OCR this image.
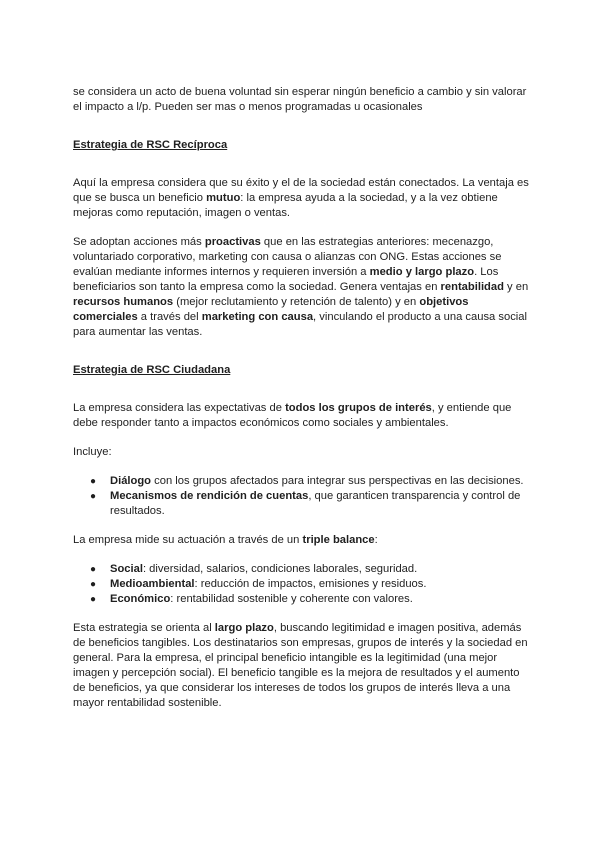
se considera un acto de buena voluntad sin esperar ningún beneficio a cambio y sin valorar el impacto a l/p. Pueden ser mas o menos programadas u ocasionales

Estrategia de RSC Recíproca

Aquí la empresa considera que su éxito y el de la sociedad están conectados. La ventaja es que se busca un beneficio mutuo: la empresa ayuda a la sociedad, y a la vez obtiene mejoras como reputación, imagen o ventas.

Se adoptan acciones más proactivas que en las estrategias anteriores: mecenazgo, voluntariado corporativo, marketing con causa o alianzas con ONG. Estas acciones se evalúan mediante informes internos y requieren inversión a medio y largo plazo. Los beneficiarios son tanto la empresa como la sociedad. Genera ventajas en rentabilidad y en recursos humanos (mejor reclutamiento y retención de talento) y en objetivos comerciales a través del marketing con causa, vinculando el producto a una causa social para aumentar las ventas.

Estrategia de RSC Ciudadana

La empresa considera las expectativas de todos los grupos de interés, y entiende que debe responder tanto a impactos económicos como sociales y ambientales.

Incluye:

● Diálogo con los grupos afectados para integrar sus perspectivas en las decisiones.
● Mecanismos de rendición de cuentas, que garanticen transparencia y control de resultados.

La empresa mide su actuación a través de un triple balance:

● Social: diversidad, salarios, condiciones laborales, seguridad.
● Medioambiental: reducción de impactos, emisiones y residuos.
● Económico: rentabilidad sostenible y coherente con valores.

Esta estrategia se orienta al largo plazo, buscando legitimidad e imagen positiva, además de beneficios tangibles. Los destinatarios son empresas, grupos de interés y la sociedad en general. Para la empresa, el principal beneficio intangible es la legitimidad (una mejor imagen y percepción social). El beneficio tangible es la mejora de resultados y el aumento de beneficios, ya que considerar los intereses de todos los grupos de interés lleva a una mayor rentabilidad sostenible.
